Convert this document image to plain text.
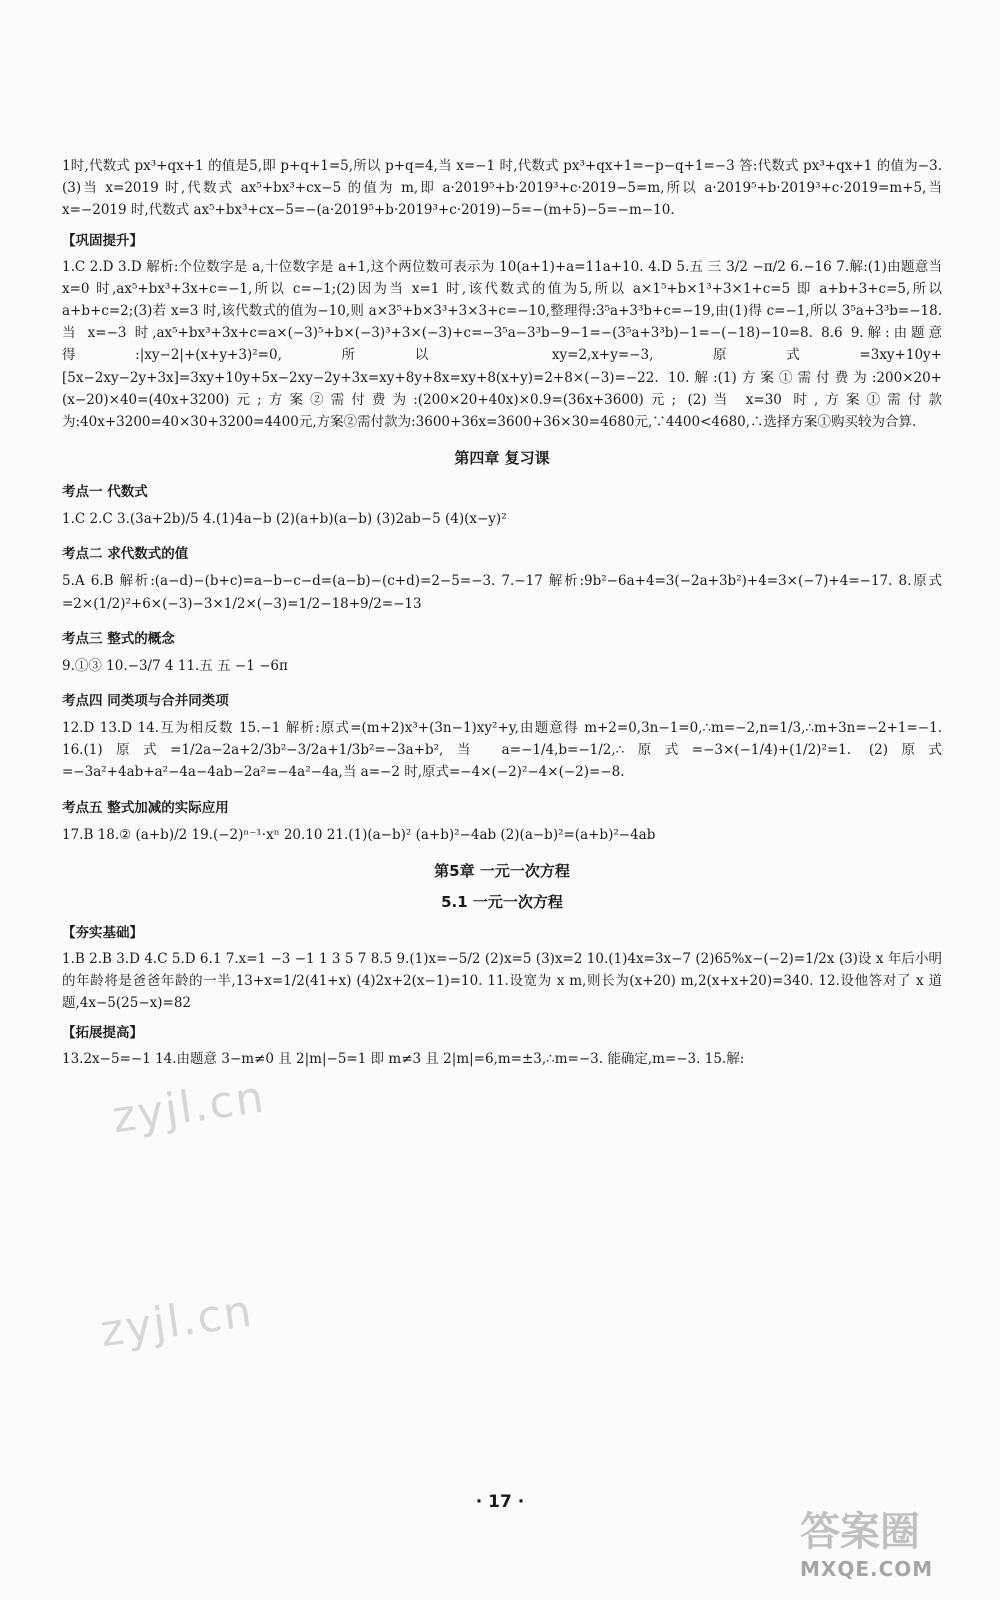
1时,代数式 px³+qx+1 的值是5,即 p+q+1=5,所以 p+q=4,当 x=−1 时,代数式 px³+qx+1=−p−q+1=−3 答:代数式 px³+qx+1 的值为−3. (3)当 x=2019 时,代数式 ax⁵+bx³+cx−5 的值为 m,即 a·2019⁵+b·2019³+c·2019−5=m,所以 a·2019⁵+b·2019³+c·2019=m+5,当 x=−2019 时,代数式 ax⁵+bx³+cx−5=−(a·2019⁵+b·2019³+c·2019)−5=−(m+5)−5=−m−10.

【巩固提升】

1.C 2.D 3.D 解析:个位数字是 a,十位数字是 a+1,这个两位数可表示为 10(a+1)+a=11a+10. 4.D 5.五 三 3/2 −π/2 6.−16 7.解:(1)由题意当 x=0 时,ax⁵+bx³+3x+c=−1,所以 c=−1;(2)因为当 x=1 时,该代数式的值为5,所以 a×1⁵+b×1³+3×1+c=5 即 a+b+3+c=5,所以 a+b+c=2;(3)若 x=3 时,该代数式的值为−10,则 a×3⁵+b×3³+3×3+c=−10,整理得:3⁵a+3³b+c=−19,由(1)得 c=−1,所以 3⁵a+3³b=−18.当 x=−3 时,ax⁵+bx³+3x+c=a×(−3)⁵+b×(−3)³+3×(−3)+c=−3⁵a−3³b−9−1=−(3⁵a+3³b)−1=−(−18)−10=8. 8.6 9.解:由题意得:|xy−2|+(x+y+3)²=0,所以 xy=2,x+y=−3,原式=3xy+10y+[5x−2xy−2y+3x]=3xy+10y+5x−2xy−2y+3x=xy+8y+8x=xy+8(x+y)=2+8×(−3)=−22. 10.解:(1)方案①需付费为:200×20+(x−20)×40=(40x+3200)元;方案②需付费为:(200×20+40x)×0.9=(36x+3600)元; (2)当 x=30 时,方案①需付款为:40x+3200=40×30+3200=4400元,方案②需付款为:3600+36x=3600+36×30=4680元,∵4400<4680,∴选择方案①购买较为合算.

第四章 复习课
考点一 代数式

1.C 2.C 3.(3a+2b)/5 4.(1)4a−b (2)(a+b)(a−b) (3)2ab−5 (4)(x−y)²

考点二 求代数式的值

5.A 6.B 解析:(a−d)−(b+c)=a−b−c−d=(a−b)−(c+d)=2−5=−3. 7.−17 解析:9b²−6a+4=3(−2a+3b²)+4=3×(−7)+4=−17. 8.原式=2×(1/2)²+6×(−3)−3×1/2×(−3)=1/2−18+9/2=−13

考点三 整式的概念

9.①③ 10.−3/7 4 11.五 五 −1 −6π

考点四 同类项与合并同类项

12.D 13.D 14.互为相反数 15.−1 解析:原式=(m+2)x³+(3n−1)xy²+y,由题意得 m+2=0,3n−1=0,∴m=−2,n=1/3,∴m+3n=−2+1=−1. 16.(1)原式=1/2a−2a+2/3b²−3/2a+1/3b²=−3a+b²,当 a=−1/4,b=−1/2,∴原式=−3×(−1/4)+(1/2)²=1. (2)原式=−3a²+4ab+a²−4a−4ab−2a²=−4a²−4a,当 a=−2 时,原式=−4×(−2)²−4×(−2)=−8.

考点五 整式加减的实际应用

17.B 18.② (a+b)/2 19.(−2)ⁿ⁻¹·xⁿ 20.10 21.(1)(a−b)² (a+b)²−4ab (2)(a−b)²=(a+b)²−4ab

第5章 一元一次方程
5.1 一元一次方程
【夯实基础】

1.B 2.B 3.D 4.C 5.D 6.1 7.x=1 −3 −1 1 3 5 7 8.5 9.(1)x=−5/2 (2)x=5 (3)x=2 10.(1)4x=3x−7 (2)65%x−(−2)=1/2x (3)设 x 年后小明的年龄将是爸爸年龄的一半,13+x=1/2(41+x) (4)2x+2(x−1)=10. 11.设宽为 x m,则长为(x+20) m,2(x+x+20)=340. 12.设他答对了 x 道题,4x−5(25−x)=82

【拓展提高】

13.2x−5=−1 14.由题意 3−m≠0 且 2|m|−5=1 即 m≠3 且 2|m|=6,m=±3,∴m=−3. 能确定,m=−3. 15.解:

zyjl.cn
zyjl.cn
· 17 ·
答案圈
MXQE.COM
